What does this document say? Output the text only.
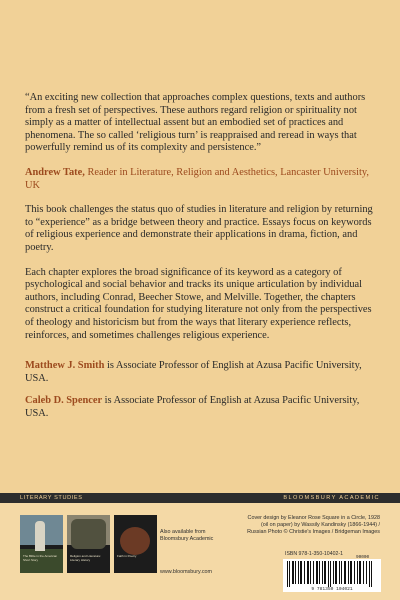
“An exciting new collection that approaches complex questions, texts and authors from a fresh set of perspectives. These authors regard religion or spirituality not simply as a matter of intellectual assent but an embodied set of practices and phenomena. The so called ‘religious turn’ is reappraised and reread in ways that powerfully remind us of its complexity and persistence.”

Andrew Tate, Reader in Literature, Religion and Aesthetics, Lancaster University, UK

This book challenges the status quo of studies in literature and religion by returning to “experience” as a bridge between theory and practice. Essays focus on keywords of religious experience and demonstrate their applications in drama, fiction, and poetry.

Each chapter explores the broad significance of its keyword as a category of psychological and social behavior and tracks its unique articulation by individual authors, including Conrad, Beecher Stowe, and Melville. Together, the chapters construct a critical foundation for studying literature not only from the perspectives of theology and historicism but from the ways that literary experience reflects, reinforces, and sometimes challenges religious experience.

Matthew J. Smith is Associate Professor of English at Azusa Pacific University, USA.

Caleb D. Spencer is Associate Professor of English at Azusa Pacific University, USA.

LITERARY STUDIES	BLOOMSBURY ACADEMIC
The Bible in the American Short Story
Religion and Literature: Literary History
Faith in Poetry
Also available from
Bloomsbury Academic
www.bloomsbury.com
Cover design by Eleanor Rose Square in a Circle, 1928 (oil on paper) by Wassily Kandinsky (1866-1944) / Russian Photo © Christie's Images / Bridgeman Images
ISBN 978-1-350-10402-1
9 781350 104021
90000
